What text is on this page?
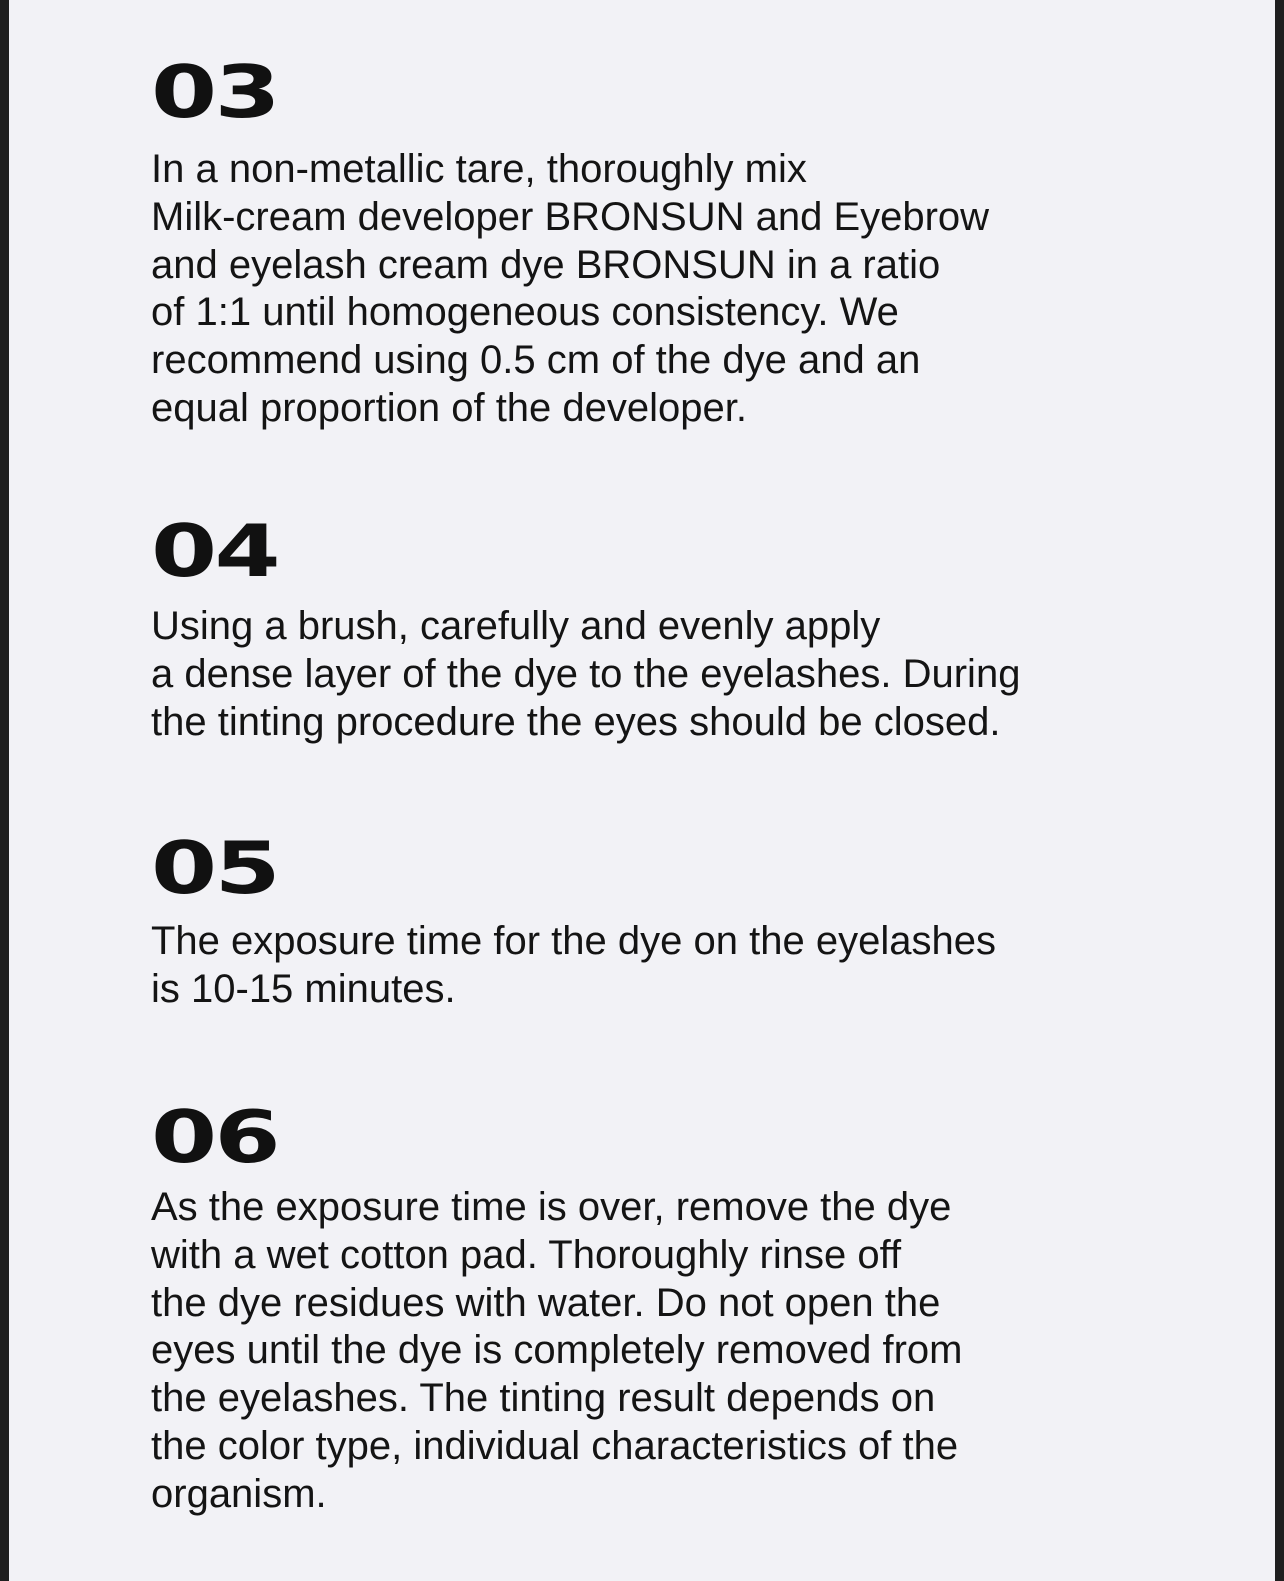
03

In a non-metallic tare, thoroughly mix
Milk-cream developer BRONSUN and Eyebrow
and eyelash cream dye BRONSUN in a ratio
of 1:1 until homogeneous consistency. We
recommend using 0.5 cm of the dye and an
equal proportion of the developer.

04

Using a brush, carefully and evenly apply
a dense layer of the dye to the eyelashes. During
the tinting procedure the eyes should be closed.

05

The exposure time for the dye on the eyelashes
is 10-15 minutes.

06

As the exposure time is over, remove the dye
with a wet cotton pad. Thoroughly rinse off
the dye residues with water. Do not open the
eyes until the dye is completely removed from
the eyelashes. The tinting result depends on
the color type, individual characteristics of the
organism.
